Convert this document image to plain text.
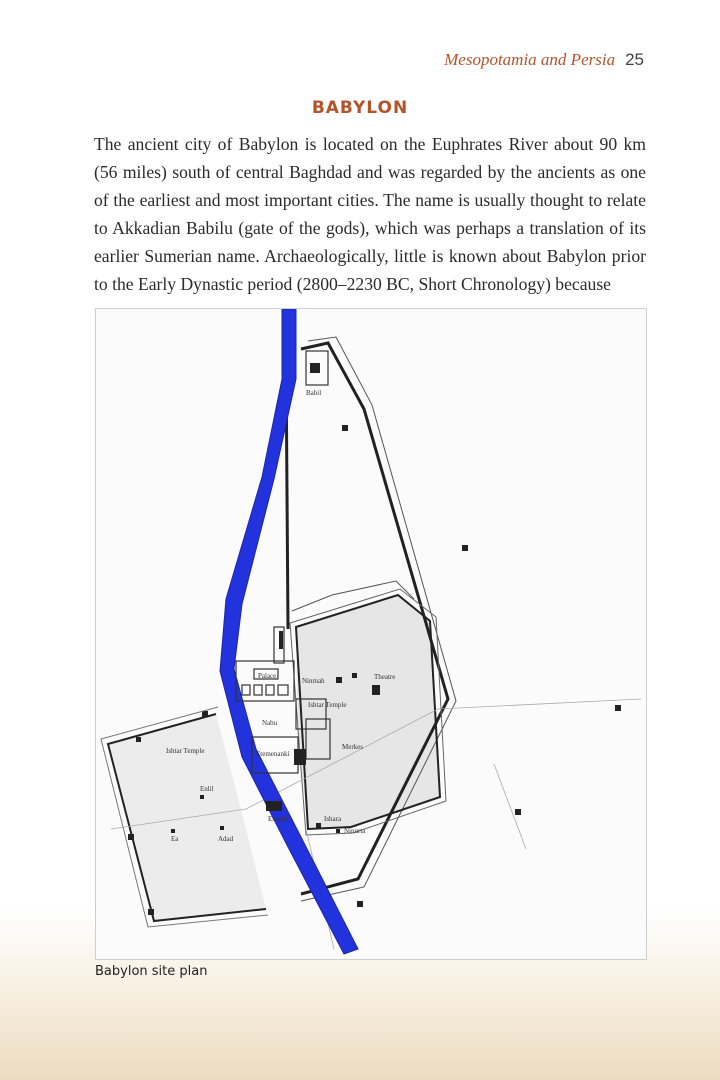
Mesopotamia and Persia 25
BABYLON
The ancient city of Babylon is located on the Euphrates River about 90 km (56 miles) south of central Baghdad and was regarded by the ancients as one of the earliest and most important cities. The name is usually thought to relate to Akkadian Babilu (gate of the gods), which was perhaps a translation of its earlier Sumerian name. Archaeologically, little is known about Babylon prior to the Early Dynastic period (2800–2230 BC, Short Chronology) because
Babil
Palace
Ninmah	Theatre
Ishtar Temple
Nabu
Merkes
Etemenanki
Ishtar Temple
Enlil
Esagila	Ishara
Ninurta
Ea	Adad
Babylon site plan
